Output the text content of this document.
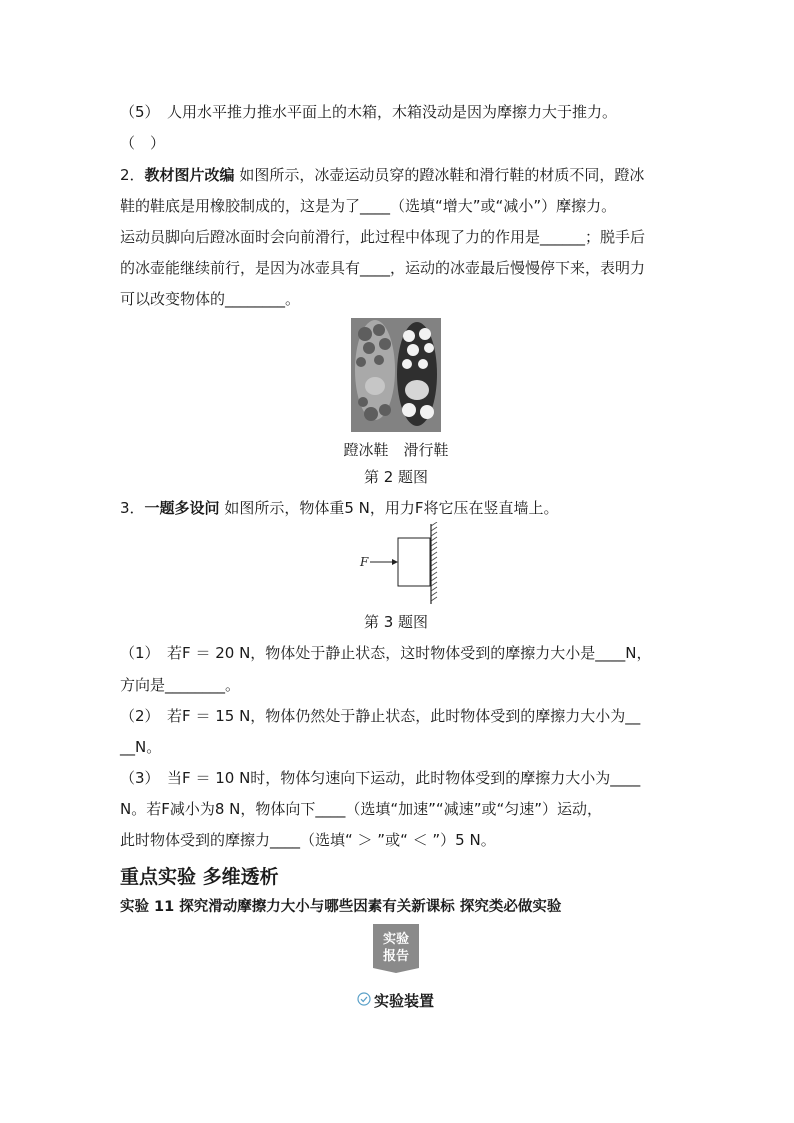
（5）　人用水平推力推水平面上的木箱，木箱没动是因为摩擦力大于推力。
（　）
2．教材图片改编 如图所示，冰壶运动员穿的蹬冰鞋和滑行鞋的材质不同，蹬冰
鞋的鞋底是用橡胶制成的，这是为了____（选填“增大”或“减小”）摩擦力。
运动员脚向后蹬冰面时会向前滑行，此过程中体现了力的作用是______；脱手后
的冰壶能继续前行，是因为冰壶具有____，运动的冰壶最后慢慢停下来，表明力
可以改变物体的________。
蹬冰鞋　滑行鞋
第 2 题图
3．一题多设问 如图所示，物体重5 N，用力F将它压在竖直墙上。
F
第 3 题图
（1）　若F ＝ 20 N，物体处于静止状态，这时物体受到的摩擦力大小是____N，
方向是________。
（2）　若F ＝ 15 N，物体仍然处于静止状态，此时物体受到的摩擦力大小为__
__N。
（3）　当F ＝ 10 N时，物体匀速向下运动，此时物体受到的摩擦力大小为____
N。若F减小为8 N，物体向下____（选填“加速”“减速”或“匀速”）运动，
此时物体受到的摩擦力____（选填“ ＞ ”或“ ＜ ”）5 N。
重点实验 多维透析
实验 11 探究滑动摩擦力大小与哪些因素有关新课标 探究类必做实验
实验
报告
实验装置
